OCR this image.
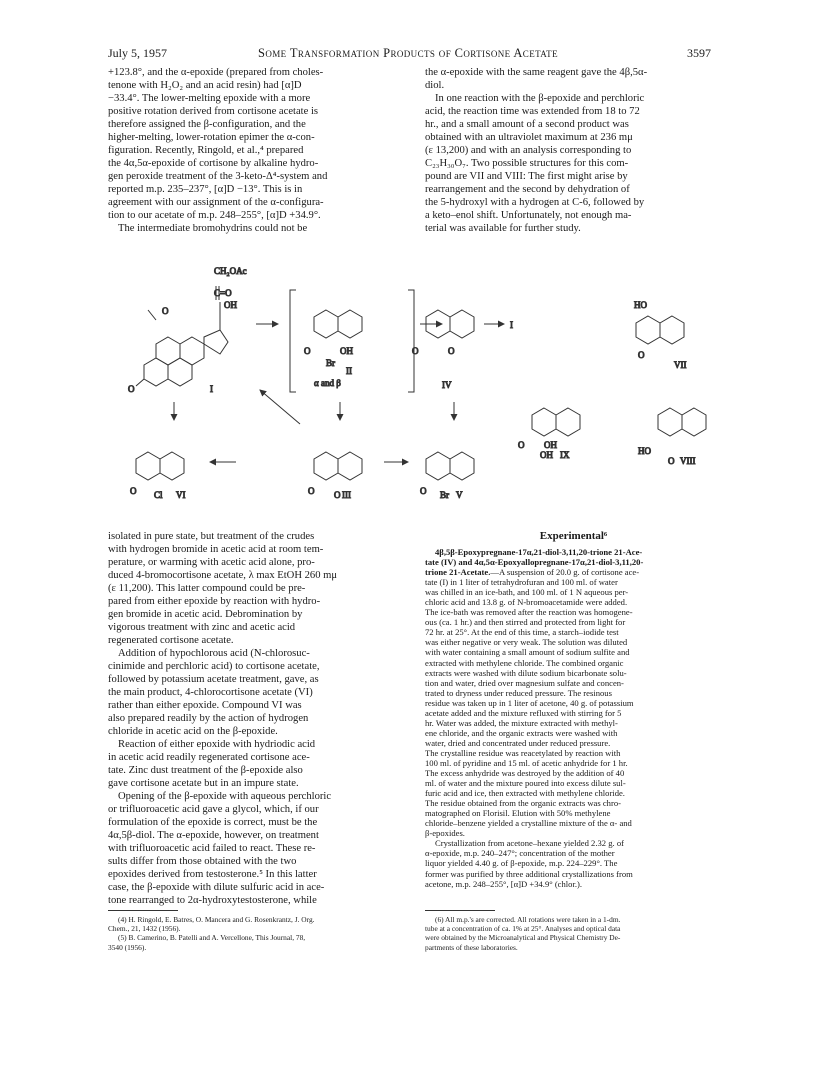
July 5, 1957	Some Transformation Products of Cortisone Acetate	3597
+123.8°, and the α-epoxide (prepared from choles-
tenone with H₂O₂ and an acid resin) had [α]D
−33.4°. The lower-melting epoxide with a more
positive rotation derived from cortisone acetate is
therefore assigned the β-configuration, and the
higher-melting, lower-rotation epimer the α-con-
figuration. Recently, Ringold, et al.,⁴ prepared
the 4α,5α-epoxide of cortisone by alkaline hydro-
gen peroxide treatment of the 3-keto-Δ⁴-system and
reported m.p. 235–237°, [α]D −13°. This is in
agreement with our assignment of the α-configura-
tion to our acetate of m.p. 248–255°, [α]D +34.9°.
The intermediate bromohydrins could not be
the α-epoxide with the same reagent gave the 4β,5α-
diol.
In one reaction with the β-epoxide and perchloric
acid, the reaction time was extended from 18 to 72
hr., and a small amount of a second product was
obtained with an ultraviolet maximum at 236 mμ
(ε 13,200) and with an analysis corresponding to
C₂₃H₃₀O₇. Two possible structures for this com-
pound are VII and VIII: The first might arise by
rearrangement and the second by dehydration of
the 5-hydroxyl with a hydrogen at C-6, followed by
a keto–enol shift. Unfortunately, not enough ma-
terial was available for further study.
CH₂OAc
C=O
OH
O
O	I
O	OH
Br
II
α and β
O	O
IV
I
HO
O
VII
O Cl VI	O O III	O Br V
O OH
OH IX	HO
O VIII
isolated in pure state, but treatment of the crudes
with hydrogen bromide in acetic acid at room tem-
perature, or warming with acetic acid alone, pro-
duced 4-bromocortisone acetate, λ max EtOH 260 mμ
(ε 11,200). This latter compound could be pre-
pared from either epoxide by reaction with hydro-
gen bromide in acetic acid. Debromination by
vigorous treatment with zinc and acetic acid
regenerated cortisone acetate.
Addition of hypochlorous acid (N-chlorosuc-
cinimide and perchloric acid) to cortisone acetate,
followed by potassium acetate treatment, gave, as
the main product, 4-chlorocortisone acetate (VI)
rather than either epoxide. Compound VI was
also prepared readily by the action of hydrogen
chloride in acetic acid on the β-epoxide.
Reaction of either epoxide with hydriodic acid
in acetic acid readily regenerated cortisone ace-
tate. Zinc dust treatment of the β-epoxide also
gave cortisone acetate but in an impure state.
Opening of the β-epoxide with aqueous perchloric
or trifluoroacetic acid gave a glycol, which, if our
formulation of the epoxide is correct, must be the
4α,5β-diol. The α-epoxide, however, on treatment
with trifluoroacetic acid failed to react. These re-
sults differ from those obtained with the two
epoxides derived from testosterone.⁵ In this latter
case, the β-epoxide with dilute sulfuric acid in ace-
tone rearranged to 2α-hydroxytestosterone, while
Experimental⁶
4β,5β-Epoxypregnane-17α,21-diol-3,11,20-trione 21-Ace-
tate (IV) and 4α,5α-Epoxyallopregnane-17α,21-diol-3,11,20-
trione 21-Acetate.—A suspension of 20.0 g. of cortisone ace-
tate (I) in 1 liter of tetrahydrofuran and 100 ml. of water
was chilled in an ice-bath, and 100 ml. of 1 N aqueous per-
chloric acid and 13.8 g. of N-bromoacetamide were added.
The ice-bath was removed after the reaction was homogene-
ous (ca. 1 hr.) and then stirred and protected from light for
72 hr. at 25°. At the end of this time, a starch–iodide test
was either negative or very weak. The solution was diluted
with water containing a small amount of sodium sulfite and
extracted with methylene chloride. The combined organic
extracts were washed with dilute sodium bicarbonate solu-
tion and water, dried over magnesium sulfate and concen-
trated to dryness under reduced pressure. The resinous
residue was taken up in 1 liter of acetone, 40 g. of potassium
acetate added and the mixture refluxed with stirring for 5
hr. Water was added, the mixture extracted with methyl-
ene chloride, and the organic extracts were washed with
water, dried and concentrated under reduced pressure.
The crystalline residue was reacetylated by reaction with
100 ml. of pyridine and 15 ml. of acetic anhydride for 1 hr.
The excess anhydride was destroyed by the addition of 40
ml. of water and the mixture poured into excess dilute sul-
furic acid and ice, then extracted with methylene chloride.
The residue obtained from the organic extracts was chro-
matographed on Florisil. Elution with 50% methylene
chloride–benzene yielded a crystalline mixture of the α- and
β-epoxides.
Crystallization from acetone–hexane yielded 2.32 g. of
α-epoxide, m.p. 240–247°; concentration of the mother
liquor yielded 4.40 g. of β-epoxide, m.p. 224–229°. The
former was purified by three additional crystallizations from
acetone, m.p. 248–255°, [α]D +34.9° (chlor.).
(4) H. Ringold, E. Batres, O. Mancera and G. Rosenkrantz, J. Org.
Chem., 21, 1432 (1956).
(5) B. Camerino, B. Patelli and A. Vercellone, This Journal, 78,
3540 (1956).
(6) All m.p.'s are corrected. All rotations were taken in a 1-dm.
tube at a concentration of ca. 1% at 25°. Analyses and optical data
were obtained by the Microanalytical and Physical Chemistry De-
partments of these laboratories.
